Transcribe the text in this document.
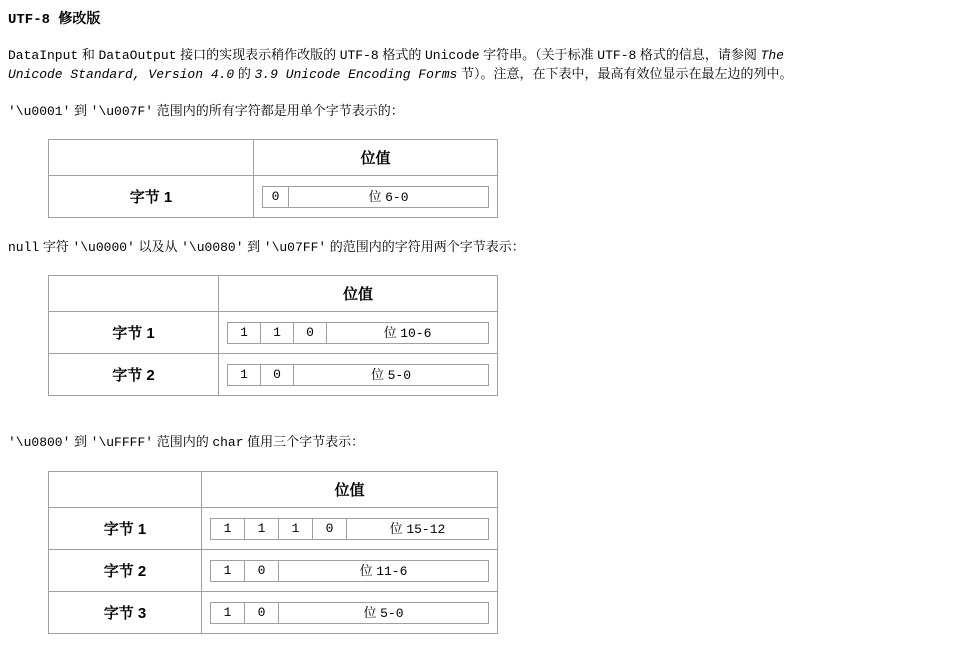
UTF-8 修改版
DataInput 和 DataOutput 接口的实现表示稍作改版的 UTF-8 格式的 Unicode 字符串。（关于标准 UTF-8 格式的信息，请参阅 The
Unicode Standard, Version 4.0 的 3.9 Unicode Encoding Forms 节）。注意，在下表中，最高有效位显示在最左边的列中。
'\u0001' 到 '\u007F' 范围内的所有字符都是用单个字节表示的：
	位值
字节 1	0 位 6-0
null 字符 '\u0000' 以及从 '\u0080' 到 '\u07FF' 的范围内的字符用两个字节表示：
	位值
字节 1	1 1 0 位 10-6

字节 2	1 0 位 5-0
'\u0800' 到 '\uFFFF' 范围内的 char 值用三个字节表示：
	位值
字节 1	1 1 1 0 位 15-12

字节 2	1 0 位 11-6

字节 3	1 0 位 5-0
